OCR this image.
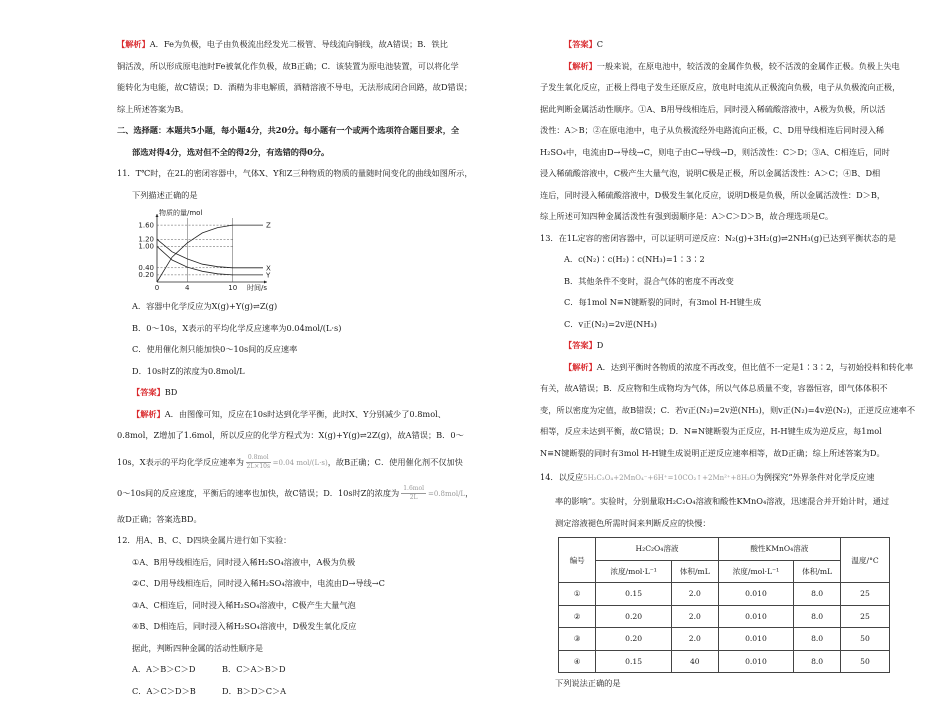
【解析】A．Fe为负极，电子由负极流出经发光二极管、导线流向铜线，故A错误；B．铁比

铜活泼，所以形成原电池时Fe被氧化作负极，故B正确；C．该装置为原电池装置，可以将化学

能转化为电能，故C错误；D．酒精为非电解质，酒精溶液不导电，无法形成闭合回路，故D错误；

综上所述答案为B。

二、选择题：本题共5小题，每小题4分，共20分。每小题有一个或两个选项符合题目要求，全

部选对得4分，选对但不全的得2分，有选错的得0分。

11．T℃时，在2L的密闭容器中，气体X、Y和Z三种物质的物质的量随时间变化的曲线如图所示，

下列描述正确的是

1.60
1.20
1.00
0.40
0.20
0	4	10
物质的量/mol
时间/s
Z
X
Y

A．容器中化学反应为X(g)+Y(g)⇌Z(g)

B．0～10s，X表示的平均化学反应速率为0.04mol/(L·s)

C．使用催化剂只能加快0～10s间的反应速率

D．10s时Z的浓度为0.8mol/L

【答案】BD

【解析】A．由图像可知，反应在10s时达到化学平衡，此时X、Y分别减少了0.8mol、

0.8mol，Z增加了1.6mol，所以反应的化学方程式为：X(g)+Y(g)⇌2Z(g)，故A错误；B．0～

10s，X表示的平均化学反应速率为 $\frac{\text{0.8mol}}{2L\times 10s} =0.04$ mol/(L·s)，故B正确；C．使用催化剂不仅加快

0～10s间的反应速度，平衡后的速率也加快，故C错误；D．10s时Z的浓度为 $\frac{\text{1.6mol}}{2L} =0.8mol/L$，

故D正确；答案选BD。

12．用A、B、C、D四块金属片进行如下实验：

①A、B用导线相连后，同时浸入稀H₂SO₄溶液中，A极为负极

②C、D用导线相连后，同时浸入稀H₂SO₄溶液中，电流由D→导线→C

③A、C相连后，同时浸入稀H₂SO₄溶液中，C极产生大量气泡

④B、D相连后，同时浸入稀H₂SO₄溶液中，D极发生氧化反应

据此，判断四种金属的活动性顺序是

A．A＞B＞C＞D	B．C＞A＞B＞D

C．A＞C＞D＞B	D．B＞D＞C＞A

【答案】C

【解析】一般来说，在原电池中，较活泼的金属作负极，较不活泼的金属作正极。负极上失电

子发生氧化反应，正极上得电子发生还原反应，放电时电流从正极流向负极，电子从负极流向正极，

据此判断金属活动性顺序。①A、B用导线相连后，同时浸入稀硫酸溶液中，A极为负极，所以活

泼性：A＞B；②在原电池中，电子从负极流经外电路流向正极，C、D用导线相连后同时浸入稀

H₂SO₄中，电流由D→导线→C，则电子由C→导线→D，则活泼性：C＞D；③A、C相连后，同时

浸入稀硫酸溶液中，C极产生大量气泡，说明C极是正极，所以金属活泼性：A＞C；④B、D相

连后，同时浸入稀硫酸溶液中，D极发生氧化反应，说明D极是负极，所以金属活泼性：D＞B，

综上所述可知四种金属活泼性有强到弱顺序是：A＞C＞D＞B，故合理选项是C。

13．在1L定容的密闭容器中，可以证明可逆反应：N₂(g)+3H₂(g)⇌2NH₃(g)已达到平衡状态的是

A．c(N₂)∶c(H₂)∶c(NH₃)=1∶3∶2

B．其他条件不变时，混合气体的密度不再改变

C．每1mol N≡N键断裂的同时，有3mol H-H键生成

C．v正(N₂)=2v逆(NH₃)

【答案】D

【解析】A．达到平衡时各物质的浓度不再改变，但比值不一定是1∶3∶2，与初始投料和转化率

有关，故A错误；B．反应物和生成物均为气体，所以气体总质量不变，容器恒容，即气体体积不

变，所以密度为定值，故B错误；C．若v正(N₂)=2v逆(NH₃)，则v正(N₂)=4v逆(N₂)，正逆反应速率不

相等，反应未达到平衡，故C错误；D．N≡N键断裂为正反应，H-H键生成为逆反应，每1mol

N≡N键断裂的同时有3mol H-H键生成说明正逆反应速率相等，故D正确；综上所述答案为D。

14．以反应5H₂C₂O₄+2MnO₄⁻+6H⁺=10CO₂↑+2Mn²⁺+8H₂O为例探究“外界条件对化学反应速

率的影响”。实验时，分别量取H₂C₂O₄溶液和酸性KMnO₄溶液，迅速混合并开始计时，通过

测定溶液褪色所需时间来判断反应的快慢：

编号	H₂C₂O₄溶液		酸性KMnO₄溶液		温度/°C
	浓度/mol·L⁻¹	体积/mL	浓度/mol·L⁻¹	体积/mL	
①	0.15	2.0	0.010	8.0	25
②	0.20	2.0	0.010	8.0	25
③	0.20	2.0	0.010	8.0	50
④	0.15	40	0.010	8.0	50

下列说法正确的是
